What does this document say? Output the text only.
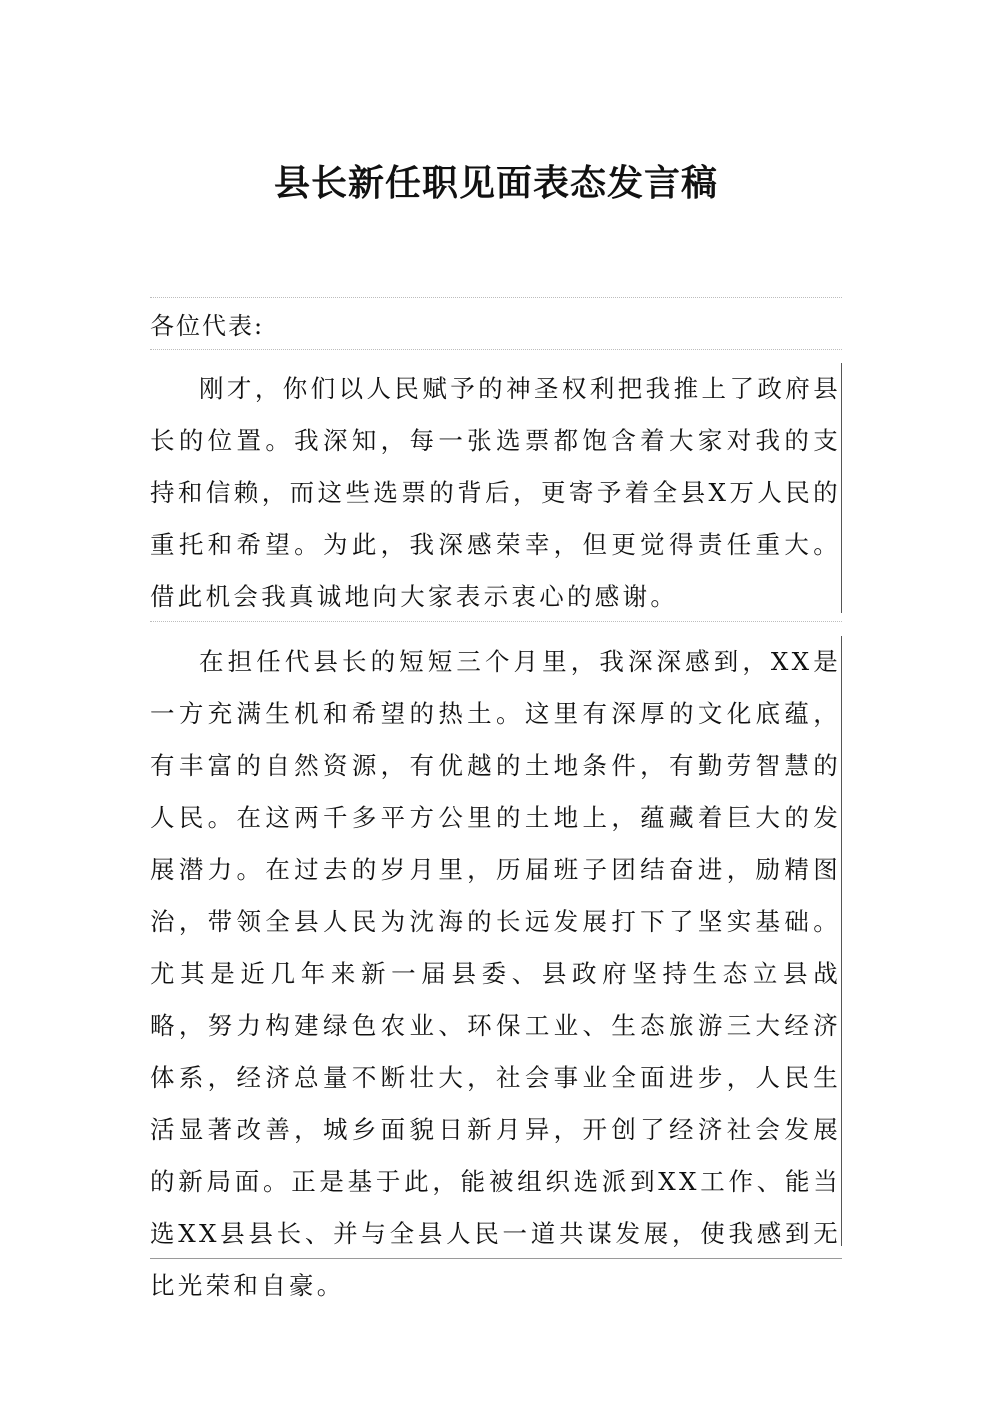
县长新任职见面表态发言稿
各位代表:

刚才，你们以人民赋予的神圣权利把我推上了政府县长的位置。我深知，每一张选票都饱含着大家对我的支持和信赖，而这些选票的背后，更寄予着全县X万人民的重托和希望。为此，我深感荣幸，但更觉得责任重大。借此机会我真诚地向大家表示衷心的感谢。

在担任代县长的短短三个月里，我深深感到，XX是一方充满生机和希望的热土。这里有深厚的文化底蕴，有丰富的自然资源，有优越的土地条件，有勤劳智慧的人民。在这两千多平方公里的土地上，蕴藏着巨大的发展潜力。在过去的岁月里，历届班子团结奋进，励精图治，带领全县人民为沈海的长远发展打下了坚实基础。尤其是近几年来新一届县委、县政府坚持生态立县战略，努力构建绿色农业、环保工业、生态旅游三大经济体系，经济总量不断壮大，社会事业全面进步，人民生活显著改善，城乡面貌日新月异，开创了经济社会发展的新局面。正是基于此，能被组织选派到XX工作、能当选XX县县长、并与全县人民一道共谋发展，使我感到无比光荣和自豪。
